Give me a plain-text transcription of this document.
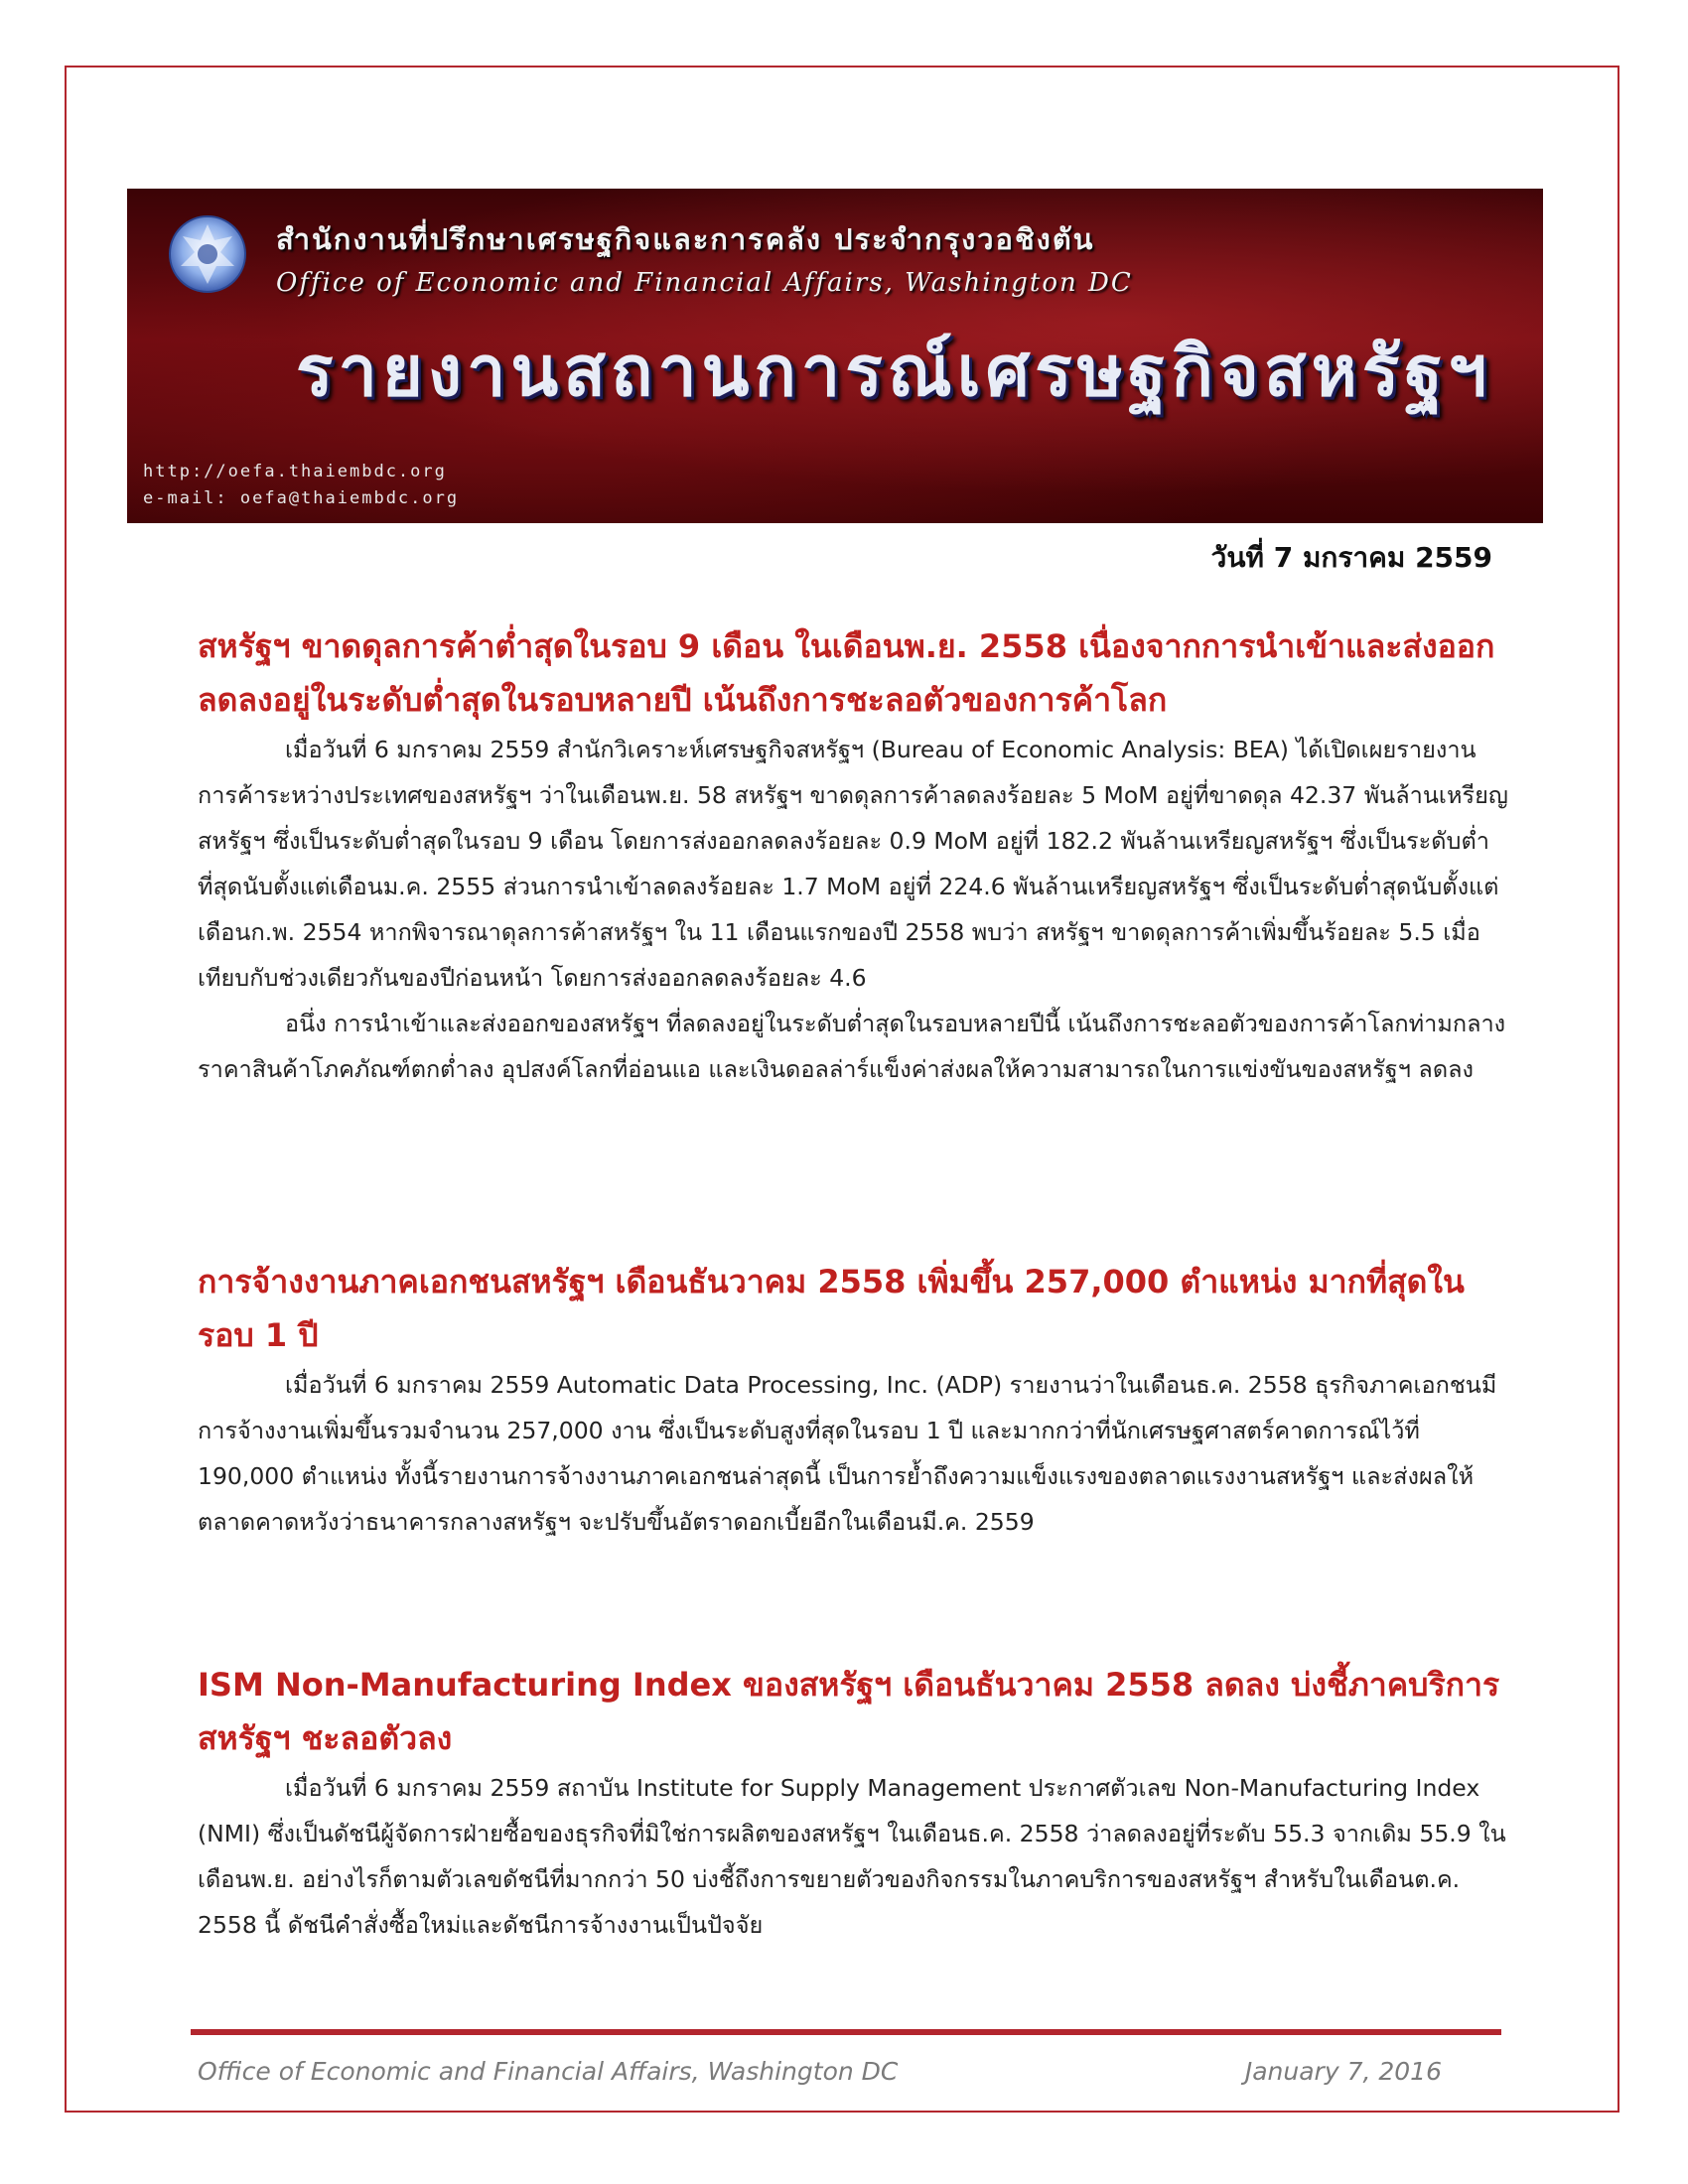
สำนักงานที่ปรึกษาเศรษฐกิจและการคลัง ประจำกรุงวอชิงตัน
Office of Economic and Financial Affairs, Washington DC
รายงานสถานการณ์เศรษฐกิจสหรัฐฯ
http://oefa.thaiembdc.org
e-mail: oefa@thaiembdc.org
วันที่ 7 มกราคม 2559
สหรัฐฯ ขาดดุลการค้าต่ำสุดในรอบ 9 เดือน ในเดือนพ.ย. 2558 เนื่องจากการนำเข้าและส่งออกลดลงอยู่ในระดับต่ำสุดในรอบหลายปี เน้นถึงการชะลอตัวของการค้าโลก

เมื่อวันที่ 6 มกราคม 2559 สำนักวิเคราะห์เศรษฐกิจสหรัฐฯ (Bureau of Economic Analysis: BEA) ได้เปิดเผยรายงานการค้าระหว่างประเทศของสหรัฐฯ ว่าในเดือนพ.ย. 58 สหรัฐฯ ขาดดุลการค้าลดลงร้อยละ 5 MoM อยู่ที่ขาดดุล 42.37 พันล้านเหรียญสหรัฐฯ ซึ่งเป็นระดับต่ำสุดในรอบ 9 เดือน โดยการส่งออกลดลงร้อยละ 0.9 MoM อยู่ที่ 182.2 พันล้านเหรียญสหรัฐฯ ซึ่งเป็นระดับต่ำที่สุดนับตั้งแต่เดือนม.ค. 2555 ส่วนการนำเข้าลดลงร้อยละ 1.7 MoM อยู่ที่ 224.6 พันล้านเหรียญสหรัฐฯ ซึ่งเป็นระดับต่ำสุดนับตั้งแต่เดือนก.พ. 2554 หากพิจารณาดุลการค้าสหรัฐฯ ใน 11 เดือนแรกของปี 2558 พบว่า สหรัฐฯ ขาดดุลการค้าเพิ่มขึ้นร้อยละ 5.5 เมื่อเทียบกับช่วงเดียวกันของปีก่อนหน้า โดยการส่งออกลดลงร้อยละ 4.6

อนึ่ง การนำเข้าและส่งออกของสหรัฐฯ ที่ลดลงอยู่ในระดับต่ำสุดในรอบหลายปีนี้ เน้นถึงการชะลอตัวของการค้าโลกท่ามกลางราคาสินค้าโภคภัณฑ์ตกต่ำลง อุปสงค์โลกที่อ่อนแอ และเงินดอลล่าร์แข็งค่าส่งผลให้ความสามารถในการแข่งขันของสหรัฐฯ ลดลง

การจ้างงานภาคเอกชนสหรัฐฯ เดือนธันวาคม 2558 เพิ่มขึ้น 257,000 ตำแหน่ง มากที่สุดในรอบ 1 ปี

เมื่อวันที่ 6 มกราคม 2559 Automatic Data Processing, Inc. (ADP) รายงานว่าในเดือนธ.ค. 2558 ธุรกิจภาคเอกชนมีการจ้างงานเพิ่มขึ้นรวมจำนวน 257,000 งาน ซึ่งเป็นระดับสูงที่สุดในรอบ 1 ปี และมากกว่าที่นักเศรษฐศาสตร์คาดการณ์ไว้ที่ 190,000 ตำแหน่ง ทั้งนี้รายงานการจ้างงานภาคเอกชนล่าสุดนี้ เป็นการย้ำถึงความแข็งแรงของตลาดแรงงานสหรัฐฯ และส่งผลให้ตลาดคาดหวังว่าธนาคารกลางสหรัฐฯ จะปรับขึ้นอัตราดอกเบี้ยอีกในเดือนมี.ค. 2559

ISM Non-Manufacturing Index ของสหรัฐฯ เดือนธันวาคม 2558 ลดลง บ่งชี้ภาคบริการสหรัฐฯ ชะลอตัวลง

เมื่อวันที่ 6 มกราคม 2559 สถาบัน Institute for Supply Management ประกาศตัวเลข Non-Manufacturing Index (NMI) ซึ่งเป็นดัชนีผู้จัดการฝ่ายซื้อของธุรกิจที่มิใช่การผลิตของสหรัฐฯ ในเดือนธ.ค. 2558 ว่าลดลงอยู่ที่ระดับ 55.3 จากเดิม 55.9 ในเดือนพ.ย. อย่างไรก็ตามตัวเลขดัชนีที่มากกว่า 50 บ่งชี้ถึงการขยายตัวของกิจกรรมในภาคบริการของสหรัฐฯ สำหรับในเดือนต.ค. 2558 นี้ ดัชนีคำสั่งซื้อใหม่และดัชนีการจ้างงานเป็นปัจจัย

Office of Economic and Financial Affairs, Washington DC	January 7, 2016
